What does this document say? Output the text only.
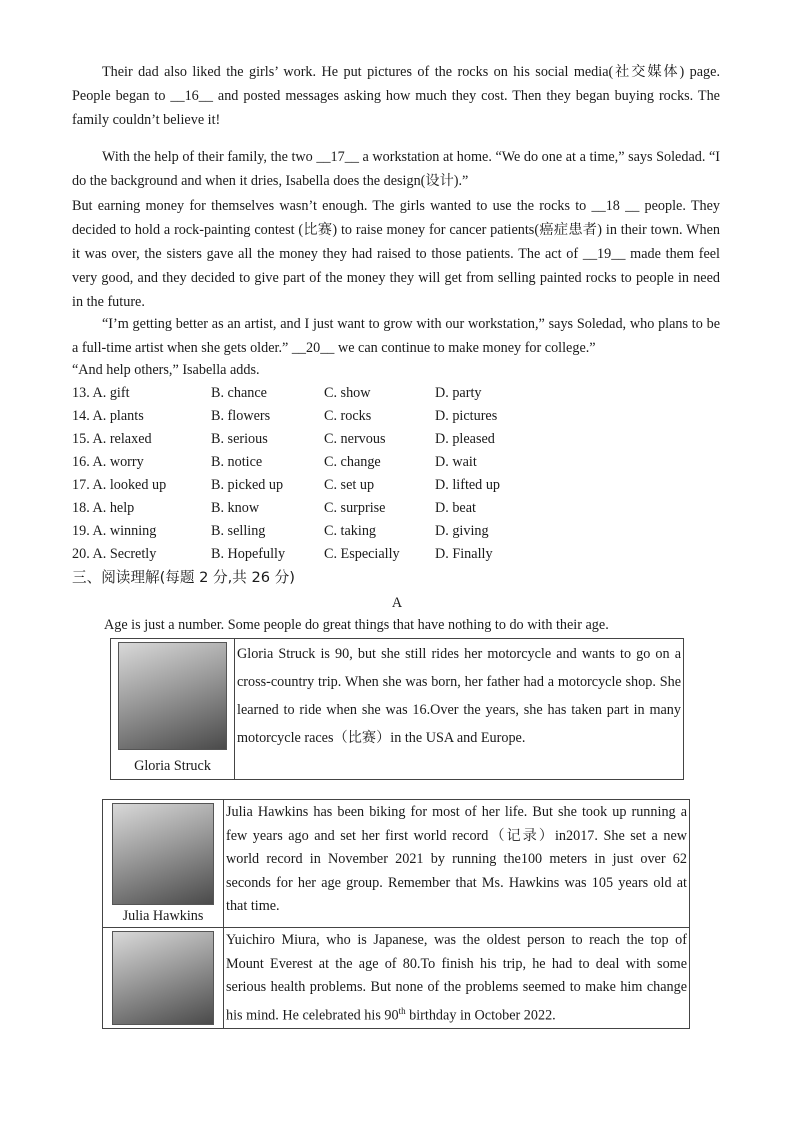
Their dad also liked the girls’ work. He put pictures of the rocks on his social media(社交媒体) page. People began to __16__ and posted messages asking how much they cost. Then they began buying rocks. The family couldn’t believe it!

With the help of their family, the two __17__ a workstation at home. “We do one at a time,” says Soledad. “I do the background and when it dries, Isabella does the design(设计).”

But earning money for themselves wasn’t enough. The girls wanted to use the rocks to __18 __ people. They decided to hold a rock-painting contest (比赛) to raise money for cancer patients(癌症患者) in their town. When it was over, the sisters gave all the money they had raised to those patients. The act of __19__ made them feel very good, and they decided to give part of the money they will get from selling painted rocks to people in need in the future.

“I’m getting better as an artist, and I just want to grow with our workstation,” says Soledad, who plans to be a full-time artist when she gets older.” __20__ we can continue to make money for college.”

“And help others,” Isabella adds.

13. A. gift	B. chance	C. show	D. party
14. A. plants	B. flowers	C. rocks	D. pictures
15. A. relaxed	B. serious	C. nervous	D. pleased
16. A. worry	B. notice	C. change	D. wait
17. A. looked up	B. picked up	C. set up	D. lifted up
18. A. help	B. know	C. surprise	D. beat
19. A. winning	B. selling	C. taking	D. giving
20. A. Secretly	B. Hopefully	C. Especially D. Finally
三、阅读理解(每题 2 分,共 26 分)
A
Age is just a number. Some people do great things that have nothing to do with their age.
Gloria Struck
	Gloria Struck is 90, but she still rides her motorcycle and wants to go on a cross-country trip. When she was born, her father had a motorcycle shop. She learned to ride when she was 16.Over the years, she has taken part in many motorcycle races（比赛）in the USA and Europe.
Julia Hawkins	Julia Hawkins has been biking for most of her life. But she took up running a few years ago and set her first world record（记录）in2017. She set a new world record in November 2021 by running the100 meters in just over 62 seconds for her age group. Remember that Ms. Hawkins was 105 years old at that time.

	Yuichiro Miura, who is Japanese, was the oldest person to reach the top of Mount Everest at the age of 80.To finish his trip, he had to deal with some serious health problems. But none of the problems seemed to make him change his mind. He celebrated his 90th birthday in October 2022.
